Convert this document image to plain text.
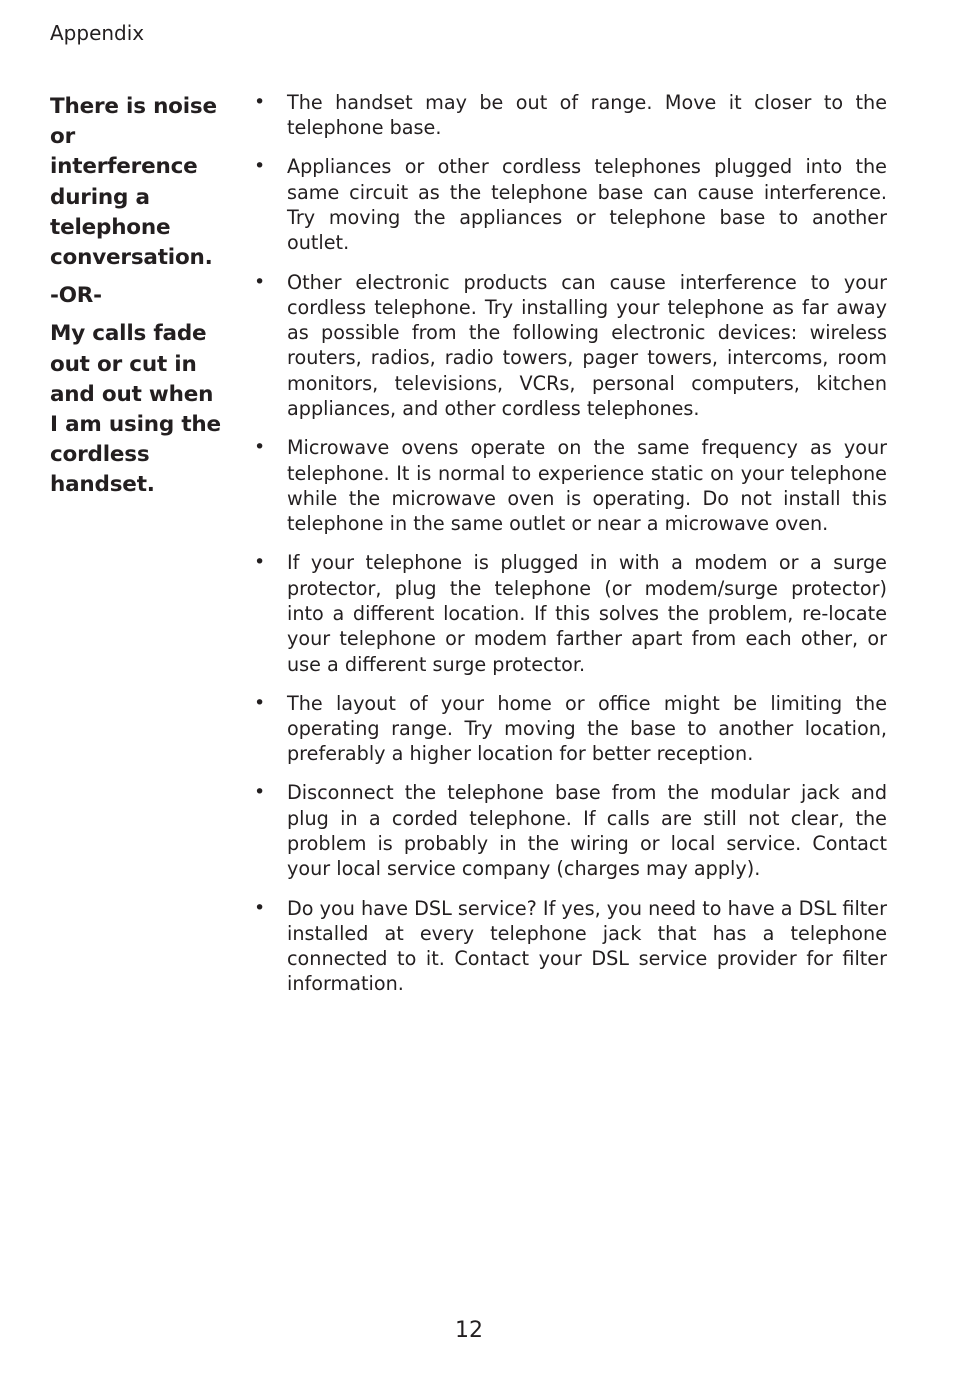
Appendix

There is noise or interference during a telephone conversation.

-OR-

My calls fade out or cut in and out when I am using the cordless handset.

• The handset may be out of range. Move it closer to the telephone base.
• Appliances or other cordless telephones plugged into the same circuit as the telephone base can cause interference. Try moving the appliances or telephone base to another outlet.
• Other electronic products can cause interference to your cordless telephone. Try installing your telephone as far away as possible from the following electronic devices: wireless routers, radios, radio towers, pager towers, intercoms, room monitors, televisions, VCRs, personal computers, kitchen appliances, and other cordless telephones.
• Microwave ovens operate on the same frequency as your telephone. It is normal to experience static on your telephone while the microwave oven is operating. Do not install this telephone in the same outlet or near a microwave oven.
• If your telephone is plugged in with a modem or a surge protector, plug the telephone (or modem/surge protector) into a different location. If this solves the problem, re-locate your telephone or modem farther apart from each other, or use a different surge protector.
• The layout of your home or office might be limiting the operating range. Try moving the base to another location, preferably a higher location for better reception.
• Disconnect the telephone base from the modular jack and plug in a corded telephone. If calls are still not clear, the problem is probably in the wiring or local service. Contact your local service company (charges may apply).
• Do you have DSL service? If yes, you need to have a DSL filter installed at every telephone jack that has a telephone connected to it. Contact your DSL service provider for filter information.
12
